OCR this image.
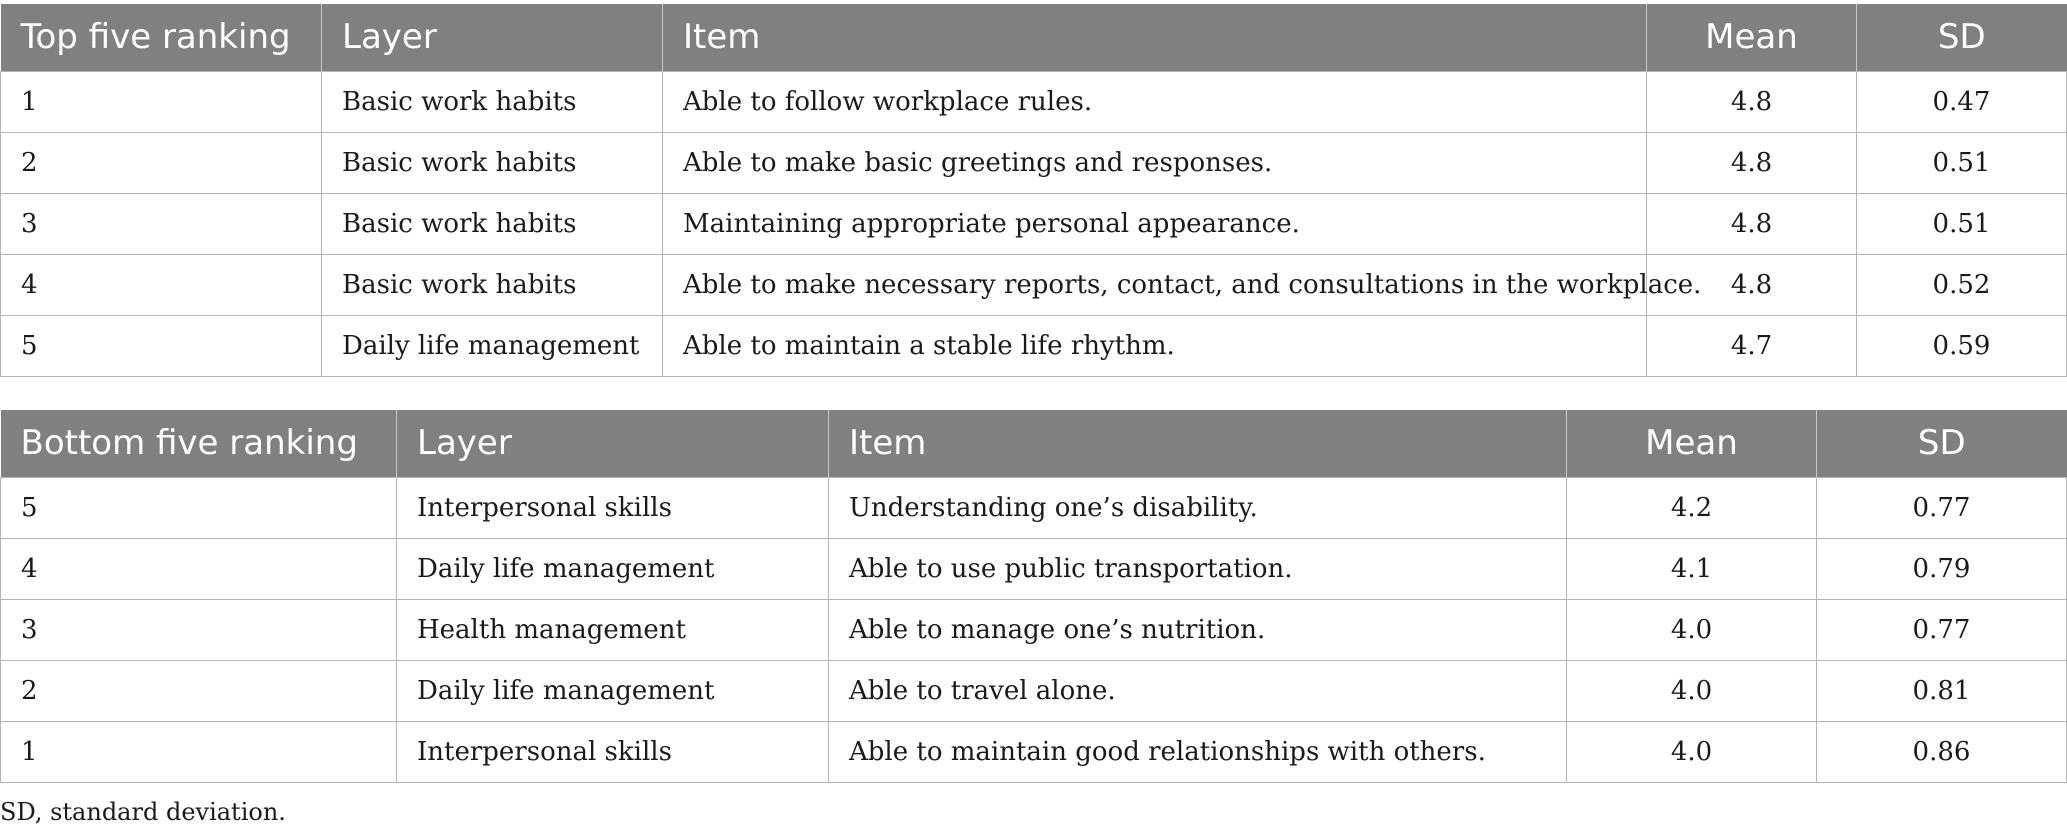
Top five ranking	Layer	Item	Mean	SD
1	Basic work habits	Able to follow workplace rules.	4.8	0.47
2	Basic work habits	Able to make basic greetings and responses.	4.8	0.51
3	Basic work habits	Maintaining appropriate personal appearance.	4.8	0.51
4	Basic work habits	Able to make necessary reports, contact, and consultations in the workplace.	4.8	0.52
5	Daily life management	Able to maintain a stable life rhythm.	4.7	0.59
Bottom five ranking	Layer	Item	Mean	SD
5	Interpersonal skills	Understanding one’s disability.	4.2	0.77
4	Daily life management	Able to use public transportation.	4.1	0.79
3	Health management	Able to manage one’s nutrition.	4.0	0.77
2	Daily life management	Able to travel alone.	4.0	0.81
1	Interpersonal skills	Able to maintain good relationships with others.	4.0	0.86
SD, standard deviation.
